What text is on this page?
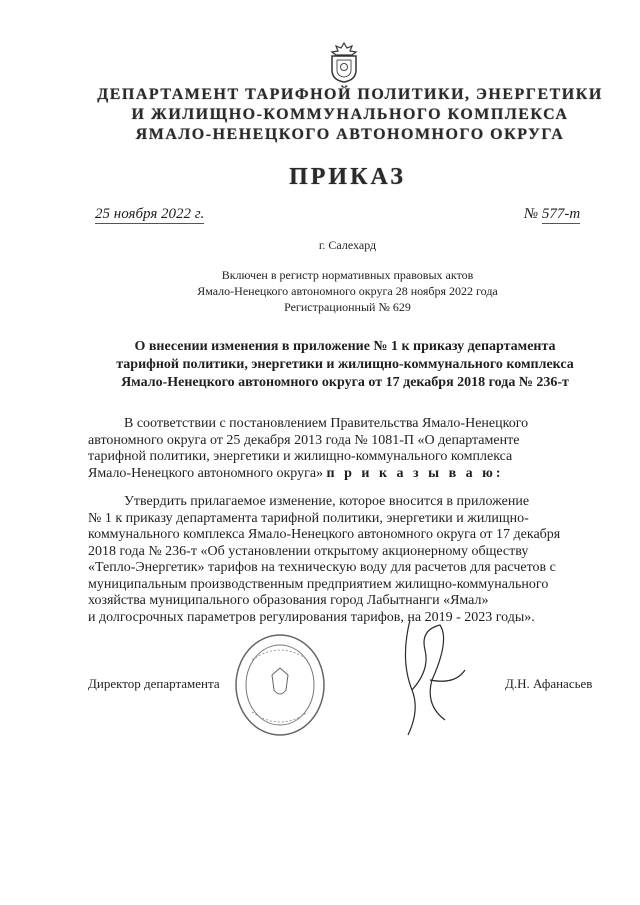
ДЕПАРТАМЕНТ ТАРИФНОЙ ПОЛИТИКИ, ЭНЕРГЕТИКИ
И ЖИЛИЩНО-КОММУНАЛЬНОГО КОМПЛЕКСА
ЯМАЛО-НЕНЕЦКОГО АВТОНОМНОГО ОКРУГА
ПРИКАЗ
25 ноября 2022 г.	№ 577-т
г. Салехард
Включен в регистр нормативных правовых актов
Ямало-Ненецкого автономного округа 28 ноября 2022 года
Регистрационный № 629
О внесении изменения в приложение № 1 к приказу департамента
тарифной политики, энергетики и жилищно-коммунального комплекса
Ямало-Ненецкого автономного округа от 17 декабря 2018 года № 236-т
В соответствии с постановлением Правительства Ямало-Ненецкого
автономного округа от 25 декабря 2013 года № 1081-П «О департаменте
тарифной политики, энергетики и жилищно-коммунального комплекса
Ямало-Ненецкого автономного округа» п р и к а з ы в а ю:
Утвердить прилагаемое изменение, которое вносится в приложение
№ 1 к приказу департамента тарифной политики, энергетики и жилищно-
коммунального комплекса Ямало-Ненецкого автономного округа от 17 декабря
2018 года № 236-т «Об установлении открытому акционерному обществу
«Тепло-Энергетик» тарифов на техническую воду для расчетов для расчетов с
муниципальным производственным предприятием жилищно-коммунального
хозяйства муниципального образования город Лабытнанги «Ямал»
и долгосрочных параметров регулирования тарифов, на 2019 - 2023 годы».
Директор департамента	Д.Н. Афанасьев
